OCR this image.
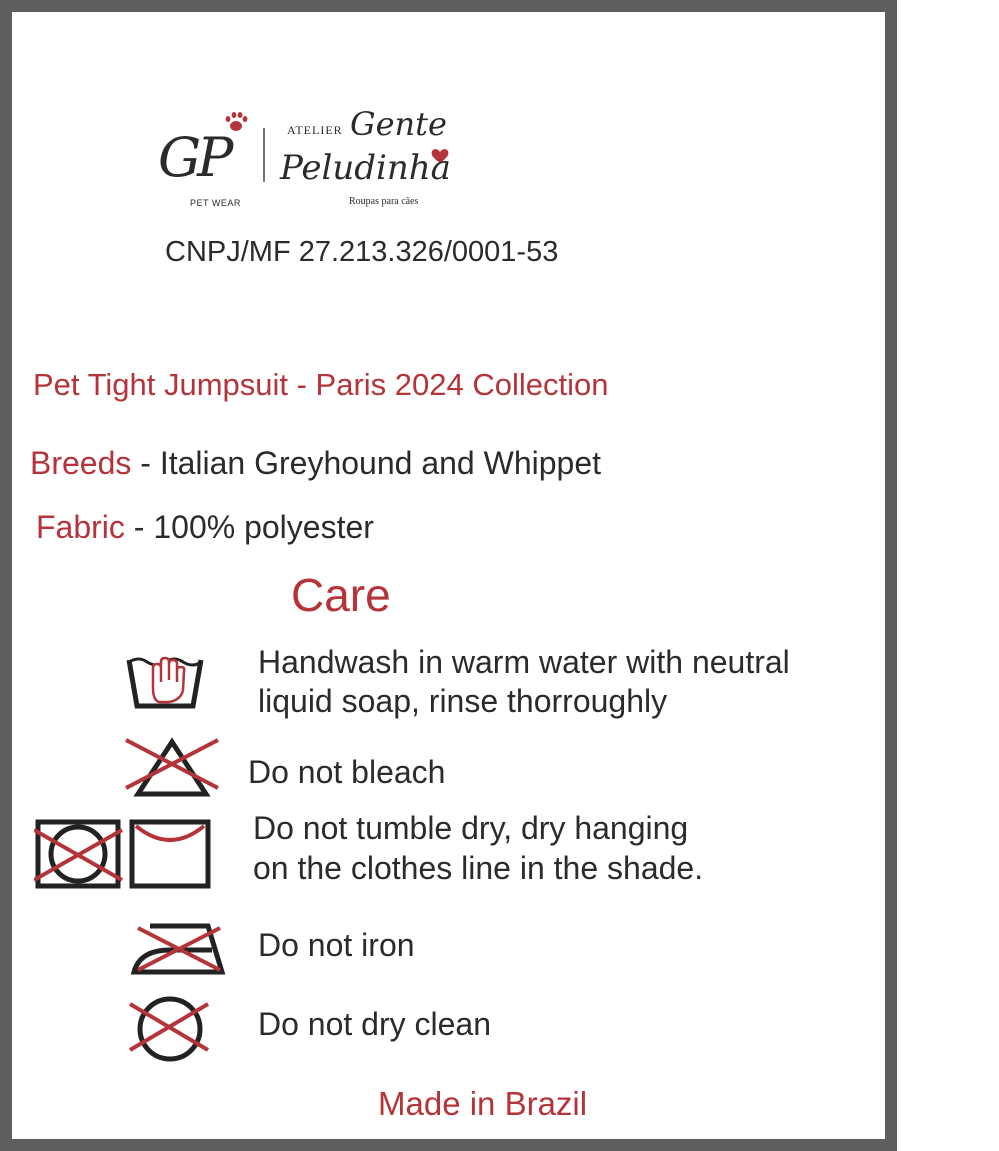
GP
PET WEAR
ATELIER Gente
Peludinha
Roupas para cães
CNPJ/MF 27.213.326/0001-53
Pet Tight Jumpsuit - Paris 2024 Collection
Breeds - Italian Greyhound and Whippet
Fabric - 100% polyester
Care
Handwash in warm water with neutral
liquid soap, rinse thorroughly
Do not bleach
Do not tumble dry, dry hanging
on the clothes line in the shade.
Do not iron
Do not dry clean
Made in Brazil
